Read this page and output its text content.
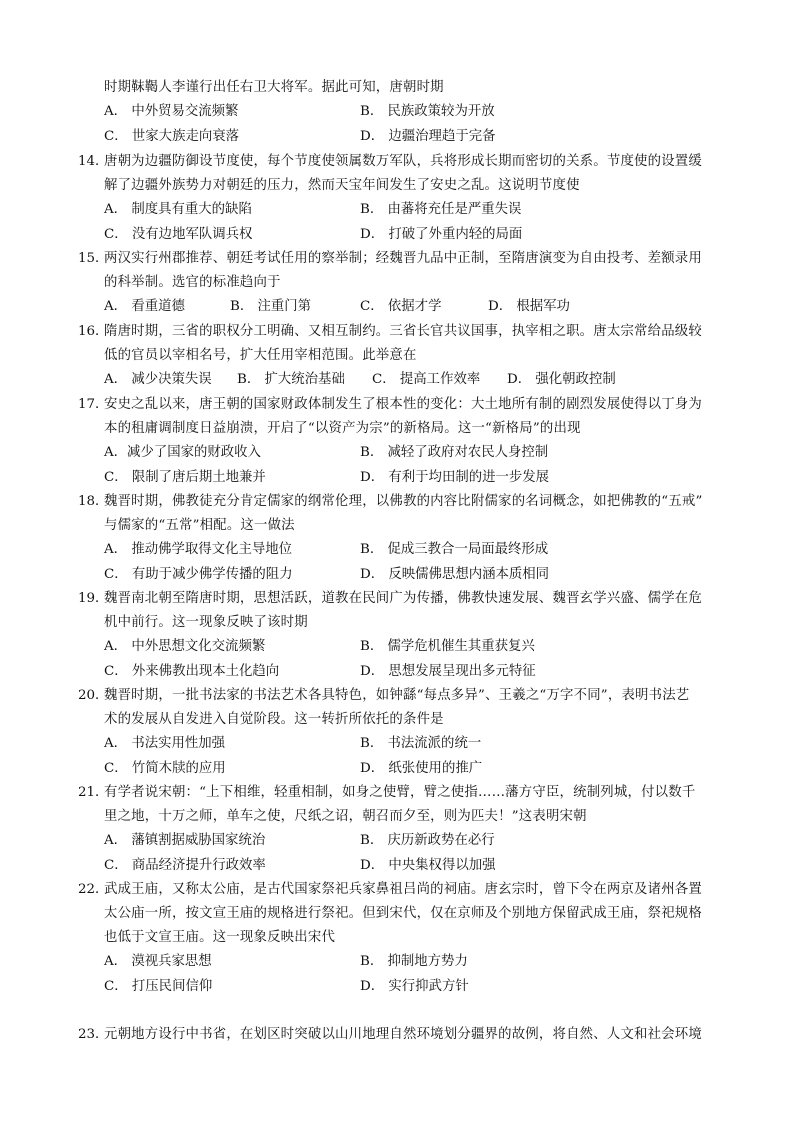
时期靺鞨人李谨行出任右卫大将军。据此可知，唐朝时期
A． 中外贸易交流频繁	B． 民族政策较为开放
C． 世家大族走向衰落	D． 边疆治理趋于完备
14．
唐朝为边疆防御设节度使，每个节度使领属数万军队，兵将形成长期而密切的关系。节度使的设置缓
解了边疆外族势力对朝廷的压力，然而天宝年间发生了安史之乱。这说明节度使
A． 制度具有重大的缺陷	B． 由蕃将充任是严重失误
C． 没有边地军队调兵权	D． 打破了外重内轻的局面
15．
两汉实行州郡推荐、朝廷考试任用的察举制；经魏晋九品中正制，至隋唐演变为自由投考、差额录用
的科举制。选官的标准趋向于
A． 看重道德	B． 注重门第	C． 依据才学	D． 根据军功
16．
隋唐时期，三省的职权分工明确、又相互制约。三省长官共议国事，执宰相之职。唐太宗常给品级较
低的官员以宰相名号，扩大任用宰相范围。此举意在
A． 减少决策失误 B． 扩大统治基础 C． 提高工作效率 D． 强化朝政控制
17．
安史之乱以来，唐王朝的国家财政体制发生了根本性的变化：大土地所有制的剧烈发展使得以丁身为
本的租庸调制度日益崩溃，开启了“以资产为宗”的新格局。这一“新格局”的出现
A．减少了国家的财政收入	B． 减轻了政府对农民人身控制
C． 限制了唐后期土地兼并	D． 有利于均田制的进一步发展
18．
魏晋时期，佛教徒充分肯定儒家的纲常伦理，以佛教的内容比附儒家的名词概念，如把佛教的“五戒”
与儒家的“五常”相配。这一做法
A． 推动佛学取得文化主导地位	B． 促成三教合一局面最终形成
C． 有助于减少佛学传播的阻力	D． 反映儒佛思想内涵本质相同
19．
魏晋南北朝至隋唐时期，思想活跃，道教在民间广为传播，佛教快速发展、魏晋玄学兴盛、儒学在危
机中前行。这一现象反映了该时期
A． 中外思想文化交流频繁	B． 儒学危机催生其重获复兴
C． 外来佛教出现本土化趋向	D． 思想发展呈现出多元特征
20．
魏晋时期，一批书法家的书法艺术各具特色，如钟繇“每点多异”、王羲之“万字不同”，表明书法艺
术的发展从自发进入自觉阶段。这一转折所依托的条件是
A． 书法实用性加强	B． 书法流派的统一
C． 竹简木牍的应用	D． 纸张使用的推广
21．
有学者说宋朝：“上下相维，轻重相制，如身之使臂，臂之使指……藩方守臣，统制列城，付以数千
里之地，十万之师，单车之使，尺纸之诏，朝召而夕至，则为匹夫！”这表明宋朝
A． 藩镇割据威胁国家统治	B． 庆历新政势在必行
C． 商品经济提升行政效率	D． 中央集权得以加强
22．
武成王庙，又称太公庙，是古代国家祭祀兵家鼻祖吕尚的祠庙。唐玄宗时，曾下令在两京及诸州各置
太公庙一所，按文宣王庙的规格进行祭祀。但到宋代，仅在京师及个别地方保留武成王庙，祭祀规格
也低于文宣王庙。这一现象反映出宋代
A． 漠视兵家思想	B． 抑制地方势力
C． 打压民间信仰	D． 实行抑武方针
23．
元朝地方设行中书省，在划区时突破以山川地理自然环境划分疆界的故例，将自然、人文和社会环境
